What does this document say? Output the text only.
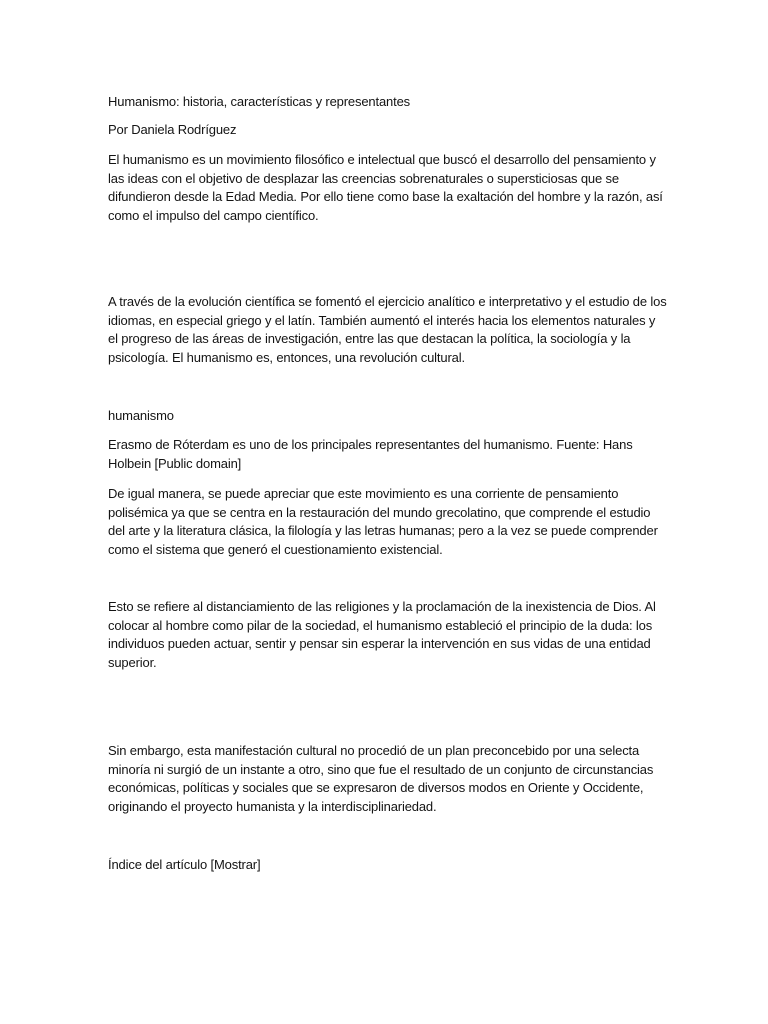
Humanismo: historia, características y representantes

Por Daniela Rodríguez

El humanismo es un movimiento filosófico e intelectual que buscó el desarrollo del pensamiento y las ideas con el objetivo de desplazar las creencias sobrenaturales o supersticiosas que se difundieron desde la Edad Media. Por ello tiene como base la exaltación del hombre y la razón, así como el impulso del campo científico.

A través de la evolución científica se fomentó el ejercicio analítico e interpretativo y el estudio de los idiomas, en especial griego y el latín. También aumentó el interés hacia los elementos naturales y el progreso de las áreas de investigación, entre las que destacan la política, la sociología y la psicología. El humanismo es, entonces, una revolución cultural.

humanismo

Erasmo de Róterdam es uno de los principales representantes del humanismo. Fuente: Hans Holbein [Public domain]

De igual manera, se puede apreciar que este movimiento es una corriente de pensamiento polisémica ya que se centra en la restauración del mundo grecolatino, que comprende el estudio del arte y la literatura clásica, la filología y las letras humanas; pero a la vez se puede comprender como el sistema que generó el cuestionamiento existencial.

Esto se refiere al distanciamiento de las religiones y la proclamación de la inexistencia de Dios. Al colocar al hombre como pilar de la sociedad, el humanismo estableció el principio de la duda: los individuos pueden actuar, sentir y pensar sin esperar la intervención en sus vidas de una entidad superior.

Sin embargo, esta manifestación cultural no procedió de un plan preconcebido por una selecta minoría ni surgió de un instante a otro, sino que fue el resultado de un conjunto de circunstancias económicas, políticas y sociales que se expresaron de diversos modos en Oriente y Occidente, originando el proyecto humanista y la interdisciplinariedad.

Índice del artículo [Mostrar]
